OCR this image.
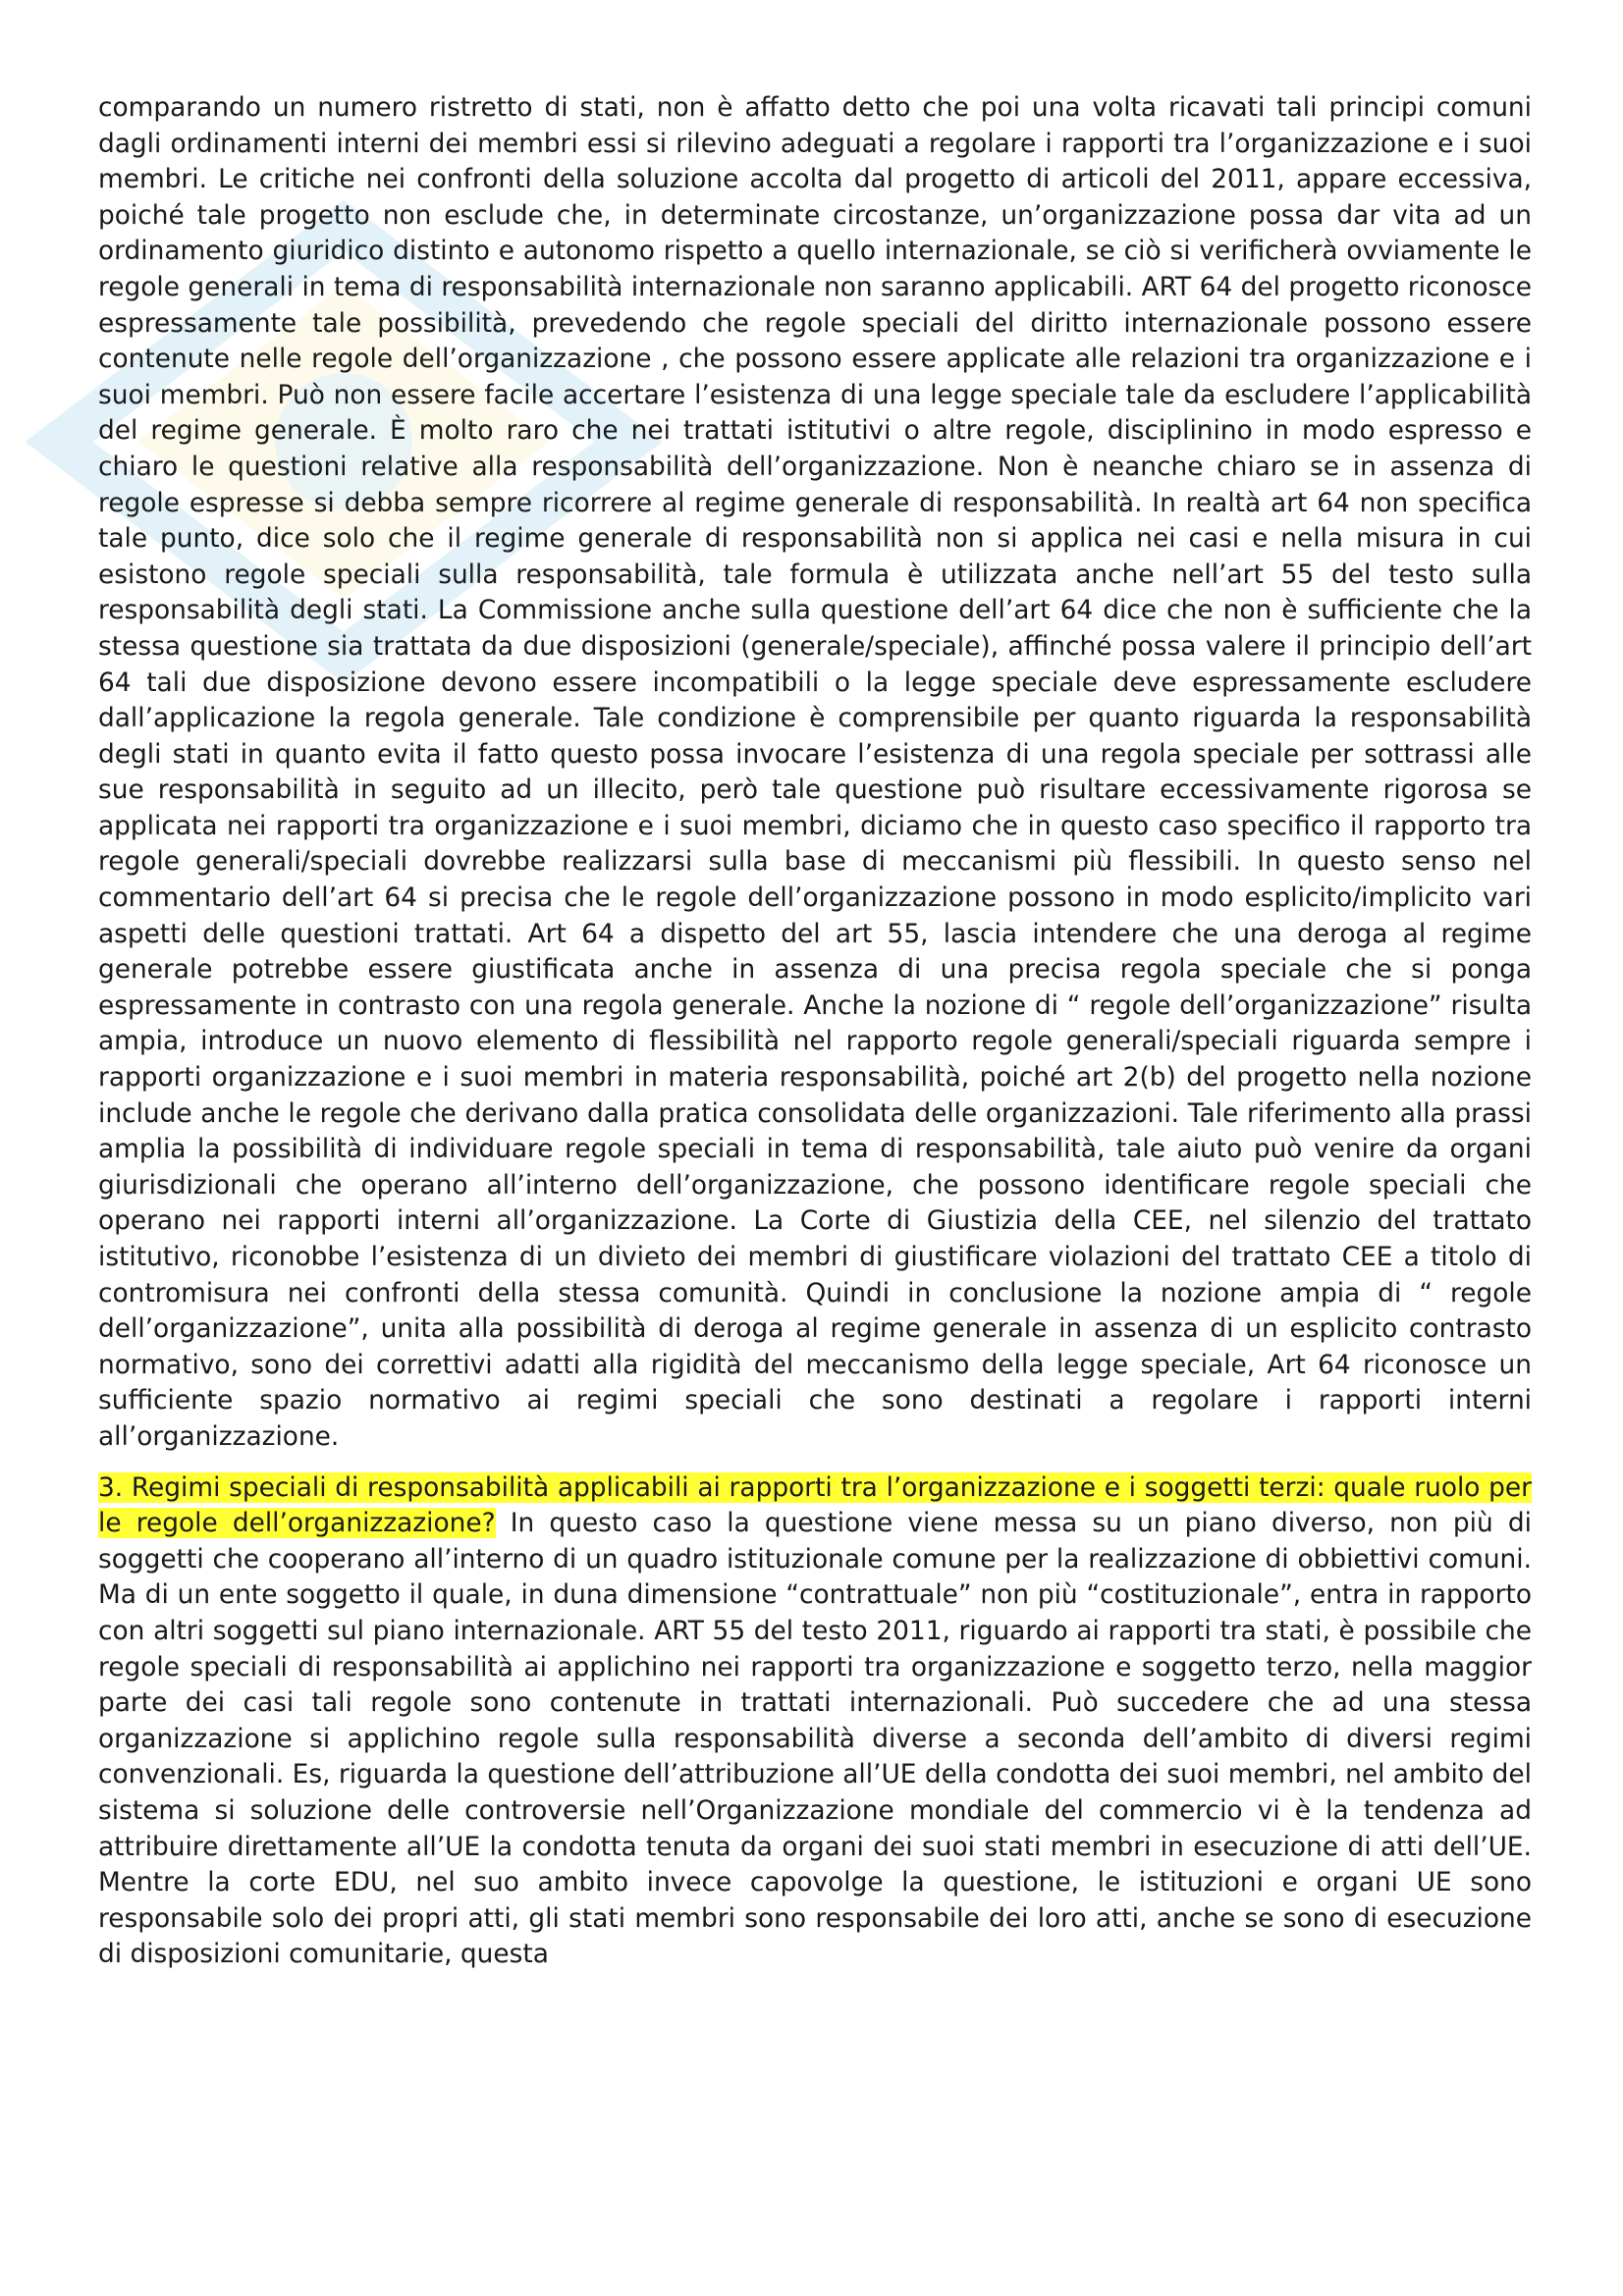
comparando un numero ristretto di stati, non è affatto detto che poi una volta ricavati tali principi comuni dagli ordinamenti interni dei membri essi si rilevino adeguati a regolare i rapporti tra l’organizzazione e i suoi membri. Le critiche nei confronti della soluzione accolta dal progetto di articoli del 2011, appare eccessiva, poiché tale progetto non esclude che, in determinate circostanze, un’organizzazione possa dar vita ad un ordinamento giuridico distinto e autonomo rispetto a quello internazionale, se ciò si verificherà ovviamente le regole generali in tema di responsabilità internazionale non saranno applicabili. ART 64 del progetto riconosce espressamente tale possibilità, prevedendo che regole speciali del diritto internazionale possono essere contenute nelle regole dell’organizzazione , che possono essere applicate alle relazioni tra organizzazione e i suoi membri. Può non essere facile accertare l’esistenza di una legge speciale tale da escludere l’applicabilità del regime generale. È molto raro che nei trattati istitutivi o altre regole, disciplinino in modo espresso e chiaro le questioni relative alla responsabilità dell’organizzazione. Non è neanche chiaro se in assenza di regole espresse si debba sempre ricorrere al regime generale di responsabilità. In realtà art 64 non specifica tale punto, dice solo che il regime generale di responsabilità non si applica nei casi e nella misura in cui esistono regole speciali sulla responsabilità, tale formula è utilizzata anche nell’art 55 del testo sulla responsabilità degli stati. La Commissione anche sulla questione dell’art 64 dice che non è sufficiente che la stessa questione sia trattata da due disposizioni (generale/speciale), affinché possa valere il principio dell’art 64 tali due disposizione devono essere incompatibili o la legge speciale deve espressamente escludere dall’applicazione la regola generale. Tale condizione è comprensibile per quanto riguarda la responsabilità degli stati in quanto evita il fatto questo possa invocare l’esistenza di una regola speciale per sottrassi alle sue responsabilità in seguito ad un illecito, però tale questione può risultare eccessivamente rigorosa se applicata nei rapporti tra organizzazione e i suoi membri, diciamo che in questo caso specifico il rapporto tra regole generali/speciali dovrebbe realizzarsi sulla base di meccanismi più flessibili. In questo senso nel commentario dell’art 64 si precisa che le regole dell’organizzazione possono in modo esplicito/implicito vari aspetti delle questioni trattati. Art 64 a dispetto del art 55, lascia intendere che una deroga al regime generale potrebbe essere giustificata anche in assenza di una precisa regola speciale che si ponga espressamente in contrasto con una regola generale. Anche la nozione di “ regole dell’organizzazione” risulta ampia, introduce un nuovo elemento di flessibilità nel rapporto regole generali/speciali riguarda sempre i rapporti organizzazione e i suoi membri in materia responsabilità, poiché art 2(b) del progetto nella nozione include anche le regole che derivano dalla pratica consolidata delle organizzazioni. Tale riferimento alla prassi amplia la possibilità di individuare regole speciali in tema di responsabilità, tale aiuto può venire da organi giurisdizionali che operano all’interno dell’organizzazione, che possono identificare regole speciali che operano nei rapporti interni all’organizzazione. La Corte di Giustizia della CEE, nel silenzio del trattato istitutivo, riconobbe l’esistenza di un divieto dei membri di giustificare violazioni del trattato CEE a titolo di contromisura nei confronti della stessa comunità. Quindi in conclusione la nozione ampia di “ regole dell’organizzazione”, unita alla possibilità di deroga al regime generale in assenza di un esplicito contrasto normativo, sono dei correttivi adatti alla rigidità del meccanismo della legge speciale, Art 64 riconosce un sufficiente spazio normativo ai regimi speciali che sono destinati a regolare i rapporti interni all’organizzazione.

3. Regimi speciali di responsabilità applicabili ai rapporti tra l’organizzazione e i soggetti terzi: quale ruolo per le regole dell’organizzazione? In questo caso la questione viene messa su un piano diverso, non più di soggetti che cooperano all’interno di un quadro istituzionale comune per la realizzazione di obbiettivi comuni. Ma di un ente soggetto il quale, in duna dimensione “contrattuale” non più “costituzionale”, entra in rapporto con altri soggetti sul piano internazionale. ART 55 del testo 2011, riguardo ai rapporti tra stati, è possibile che regole speciali di responsabilità ai applichino nei rapporti tra organizzazione e soggetto terzo, nella maggior parte dei casi tali regole sono contenute in trattati internazionali. Può succedere che ad una stessa organizzazione si applichino regole sulla responsabilità diverse a seconda dell’ambito di diversi regimi convenzionali. Es, riguarda la questione dell’attribuzione all’UE della condotta dei suoi membri, nel ambito del sistema si soluzione delle controversie nell’Organizzazione mondiale del commercio vi è la tendenza ad attribuire direttamente all’UE la condotta tenuta da organi dei suoi stati membri in esecuzione di atti dell’UE. Mentre la corte EDU, nel suo ambito invece capovolge la questione, le istituzioni e organi UE sono responsabile solo dei propri atti, gli stati membri sono responsabile dei loro atti, anche se sono di esecuzione di disposizioni comunitarie, questa
